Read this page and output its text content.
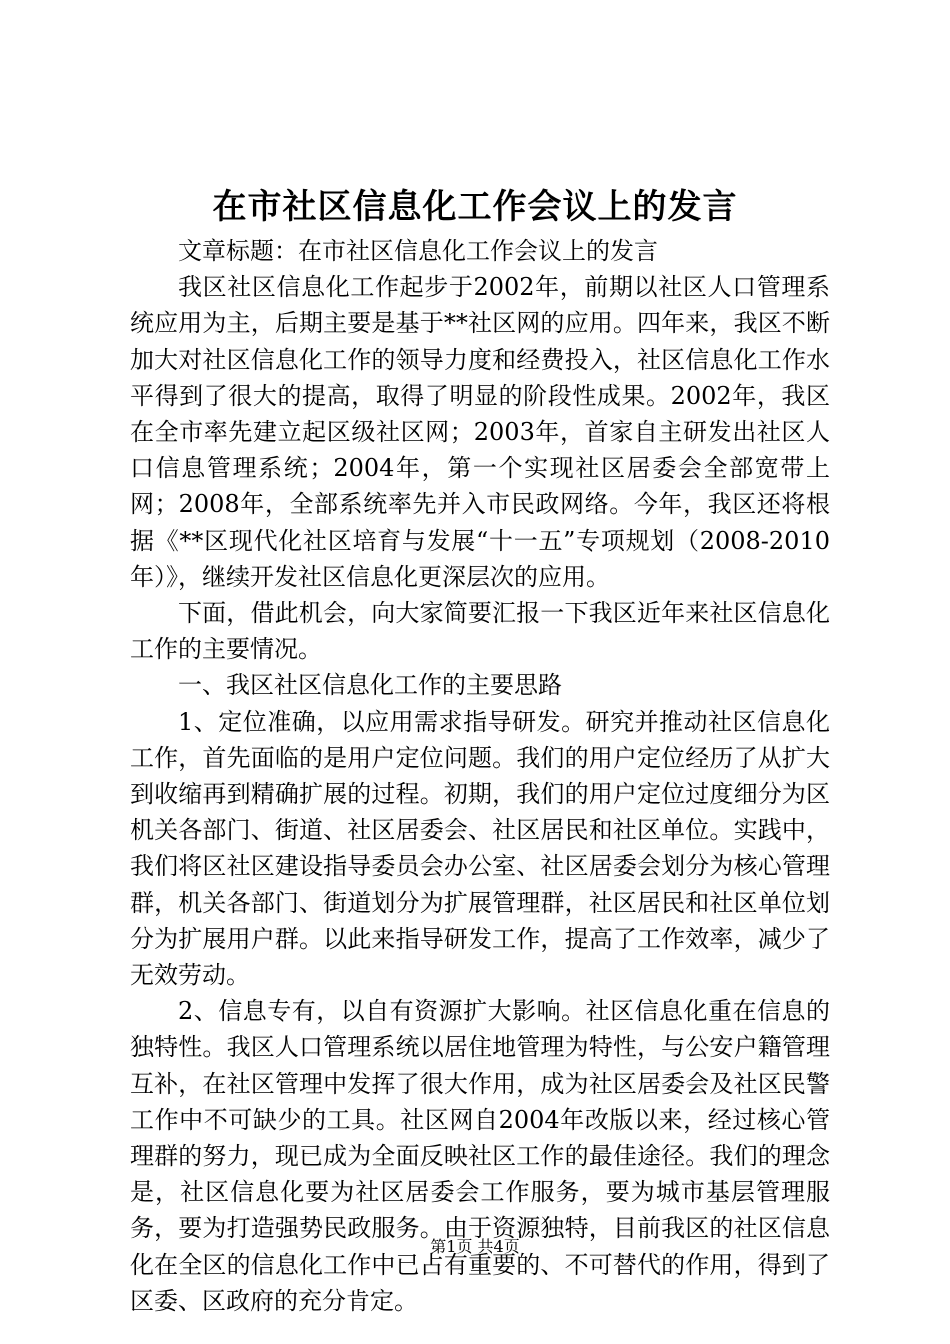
在市社区信息化工作会议上的发言

文章标题：在市社区信息化工作会议上的发言

我区社区信息化工作起步于2002年，前期以社区人口管理系统应用为主，后期主要是基于**社区网的应用。四年来，我区不断加大对社区信息化工作的领导力度和经费投入，社区信息化工作水平得到了很大的提高，取得了明显的阶段性成果。2002年，我区在全市率先建立起区级社区网；2003年，首家自主研发出社区人口信息管理系统；2004年，第一个实现社区居委会全部宽带上网；2008年，全部系统率先并入市民政网络。今年，我区还将根据《**区现代化社区培育与发展“十一五”专项规划（2008-2010年）》，继续开发社区信息化更深层次的应用。

下面，借此机会，向大家简要汇报一下我区近年来社区信息化工作的主要情况。

一、我区社区信息化工作的主要思路

1、定位准确，以应用需求指导研发。研究并推动社区信息化工作，首先面临的是用户定位问题。我们的用户定位经历了从扩大到收缩再到精确扩展的过程。初期，我们的用户定位过度细分为区机关各部门、街道、社区居委会、社区居民和社区单位。实践中，我们将区社区建设指导委员会办公室、社区居委会划分为核心管理群，机关各部门、街道划分为扩展管理群，社区居民和社区单位划分为扩展用户群。以此来指导研发工作，提高了工作效率，减少了无效劳动。

2、信息专有，以自有资源扩大影响。社区信息化重在信息的独特性。我区人口管理系统以居住地管理为特性，与公安户籍管理互补，在社区管理中发挥了很大作用，成为社区居委会及社区民警工作中不可缺少的工具。社区网自2004年改版以来，经过核心管理群的努力，现已成为全面反映社区工作的最佳途径。我们的理念是，社区信息化要为社区居委会工作服务，要为城市基层管理服务，要为打造强势民政服务。由于资源独特，目前我区的社区信息化在全区的信息化工作中已占有重要的、不可替代的作用，得到了区委、区政府的充分肯定。

第1页 共4页
